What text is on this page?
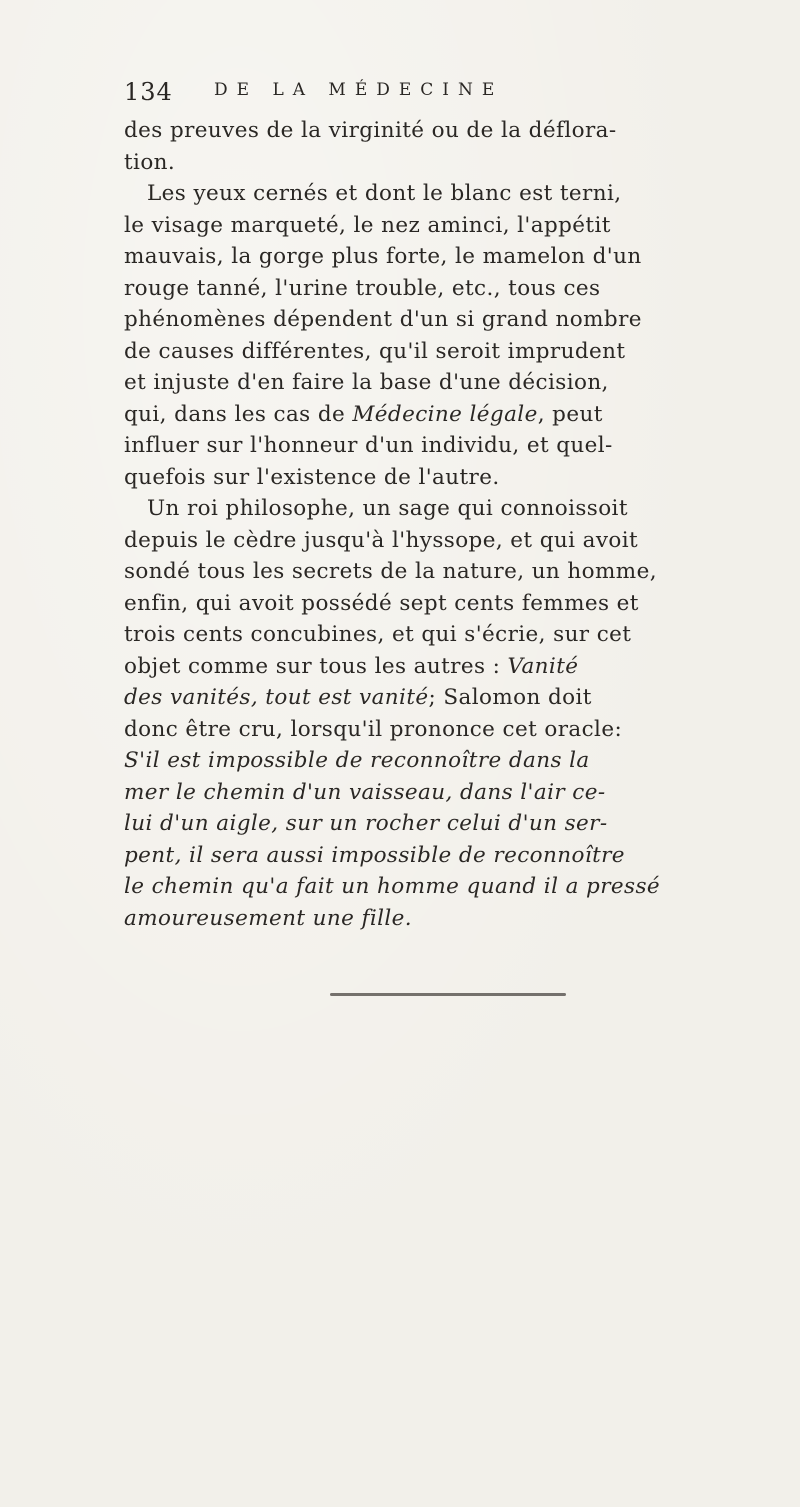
134 DE LA MÉDECINE
des preuves de la virginité ou de la déflora-
tion.
Les yeux cernés et dont le blanc est terni,
le visage marqueté, le nez aminci, l'appétit
mauvais, la gorge plus forte, le mamelon d'un
rouge tanné, l'urine trouble, etc., tous ces
phénomènes dépendent d'un si grand nombre
de causes différentes, qu'il seroit imprudent
et injuste d'en faire la base d'une décision,
qui, dans les cas de Médecine légale, peut
influer sur l'honneur d'un individu, et quel-
quefois sur l'existence de l'autre.
Un roi philosophe, un sage qui connoissoit
depuis le cèdre jusqu'à l'hyssope, et qui avoit
sondé tous les secrets de la nature, un homme,
enfin, qui avoit possédé sept cents femmes et
trois cents concubines, et qui s'écrie, sur cet
objet comme sur tous les autres : Vanité
des vanités, tout est vanité; Salomon doit
donc être cru, lorsqu'il prononce cet oracle:
S'il est impossible de reconnoître dans la
mer le chemin d'un vaisseau, dans l'air ce-
lui d'un aigle, sur un rocher celui d'un ser-
pent, il sera aussi impossible de reconnoître
le chemin qu'a fait un homme quand il a pressé
amoureusement une fille.
